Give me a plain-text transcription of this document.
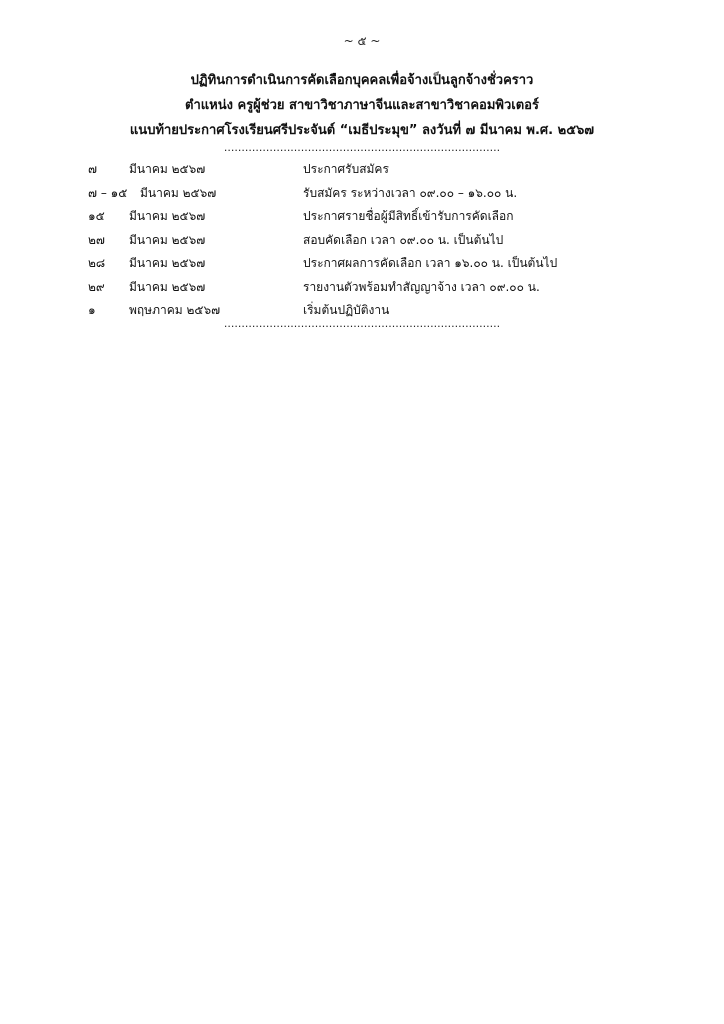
~ ๕ ~
ปฏิทินการดำเนินการคัดเลือกบุคคลเพื่อจ้างเป็นลูกจ้างชั่วคราว
ตำแหน่ง ครูผู้ช่วย สาขาวิชาภาษาจีนและสาขาวิชาคอมพิวเตอร์
แนบท้ายประกาศโรงเรียนศรีประจันต์ “เมธีประมุข” ลงวันที่ ๗ มีนาคม พ.ศ. ๒๕๖๗
...............................................................................
๗	มีนาคม ๒๕๖๗	ประกาศรับสมัคร
๗ – ๑๕ มีนาคม ๒๕๖๗	รับสมัคร ระหว่างเวลา ๐๙.๐๐ – ๑๖.๐๐ น.
๑๕ มีนาคม ๒๕๖๗	ประกาศรายชื่อผู้มีสิทธิ์เข้ารับการคัดเลือก
๒๗ มีนาคม ๒๕๖๗	สอบคัดเลือก เวลา ๐๙.๐๐ น. เป็นต้นไป
๒๘ มีนาคม ๒๕๖๗	ประกาศผลการคัดเลือก เวลา ๑๖.๐๐ น. เป็นต้นไป
๒๙ มีนาคม ๒๕๖๗	รายงานตัวพร้อมทำสัญญาจ้าง เวลา ๐๙.๐๐ น.
๑	พฤษภาคม ๒๕๖๗	เริ่มต้นปฏิบัติงาน
...............................................................................
